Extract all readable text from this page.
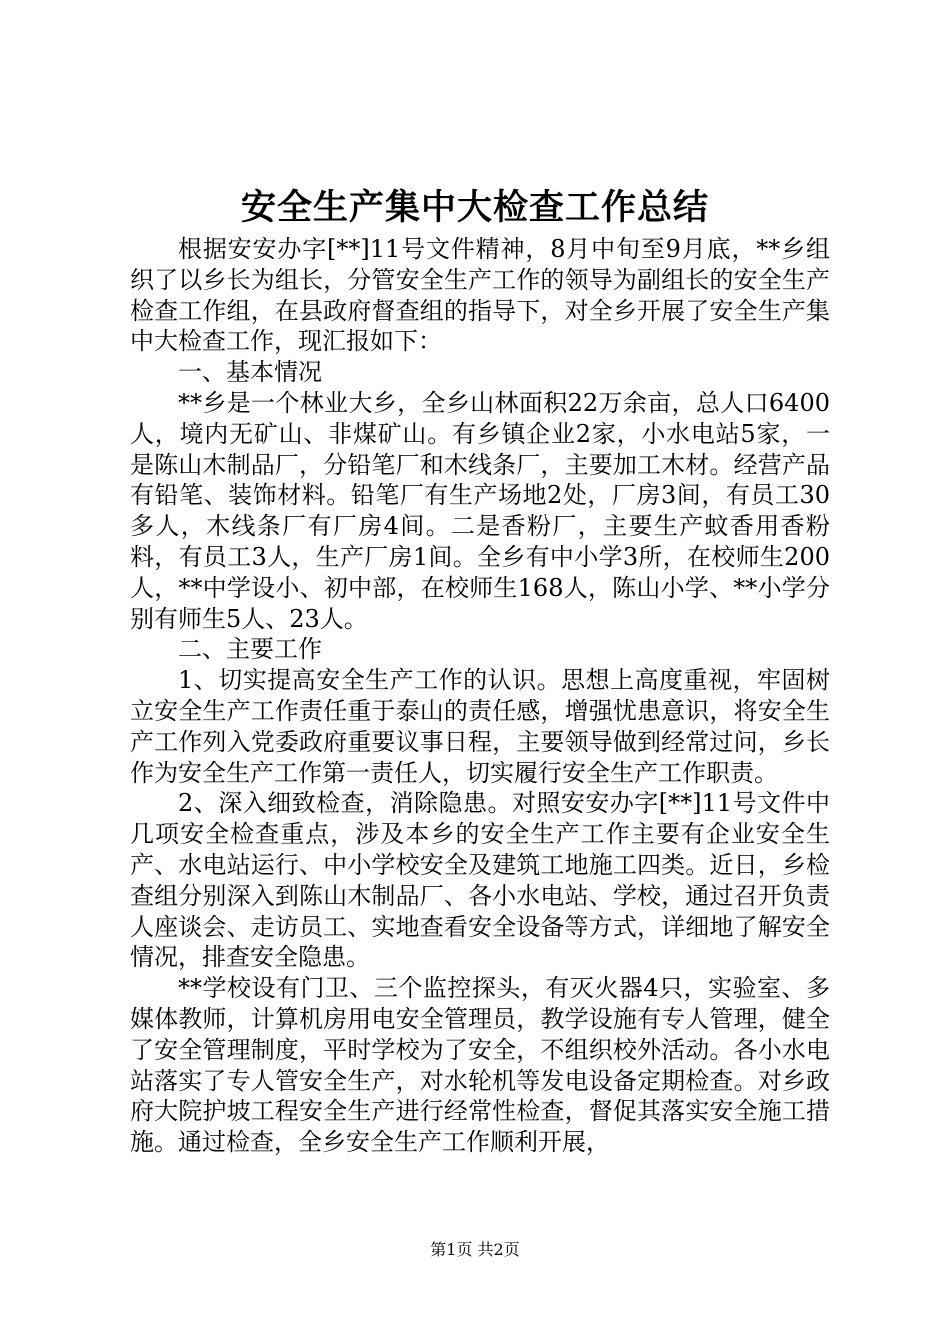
安全生产集中大检查工作总结

根据安安办字[**]11号文件精神，8月中旬至9月底，**乡组织了以乡长为组长，分管安全生产工作的领导为副组长的安全生产检查工作组，在县政府督查组的指导下，对全乡开展了安全生产集中大检查工作，现汇报如下：

一、基本情况

**乡是一个林业大乡，全乡山林面积22万余亩，总人口6400人，境内无矿山、非煤矿山。有乡镇企业2家，小水电站5家，一是陈山木制品厂，分铅笔厂和木线条厂，主要加工木材。经营产品有铅笔、装饰材料。铅笔厂有生产场地2处，厂房3间，有员工30多人，木线条厂有厂房4间。二是香粉厂，主要生产蚊香用香粉料，有员工3人，生产厂房1间。全乡有中小学3所，在校师生200人，**中学设小、初中部，在校师生168人，陈山小学、**小学分别有师生5人、23人。

二、主要工作

1、切实提高安全生产工作的认识。思想上高度重视，牢固树立安全生产工作责任重于泰山的责任感，增强忧患意识，将安全生产工作列入党委政府重要议事日程，主要领导做到经常过问，乡长作为安全生产工作第一责任人，切实履行安全生产工作职责。

2、深入细致检查，消除隐患。对照安安办字[**]11号文件中几项安全检查重点，涉及本乡的安全生产工作主要有企业安全生产、水电站运行、中小学校安全及建筑工地施工四类。近日，乡检查组分别深入到陈山木制品厂、各小水电站、学校，通过召开负责人座谈会、走访员工、实地查看安全设备等方式，详细地了解安全情况，排查安全隐患。

**学校设有门卫、三个监控探头，有灭火器4只，实验室、多媒体教师，计算机房用电安全管理员，教学设施有专人管理，健全了安全管理制度，平时学校为了安全，不组织校外活动。各小水电站落实了专人管安全生产，对水轮机等发电设备定期检查。对乡政府大院护坡工程安全生产进行经常性检查，督促其落实安全施工措施。通过检查，全乡安全生产工作顺利开展，

第1页 共2页
